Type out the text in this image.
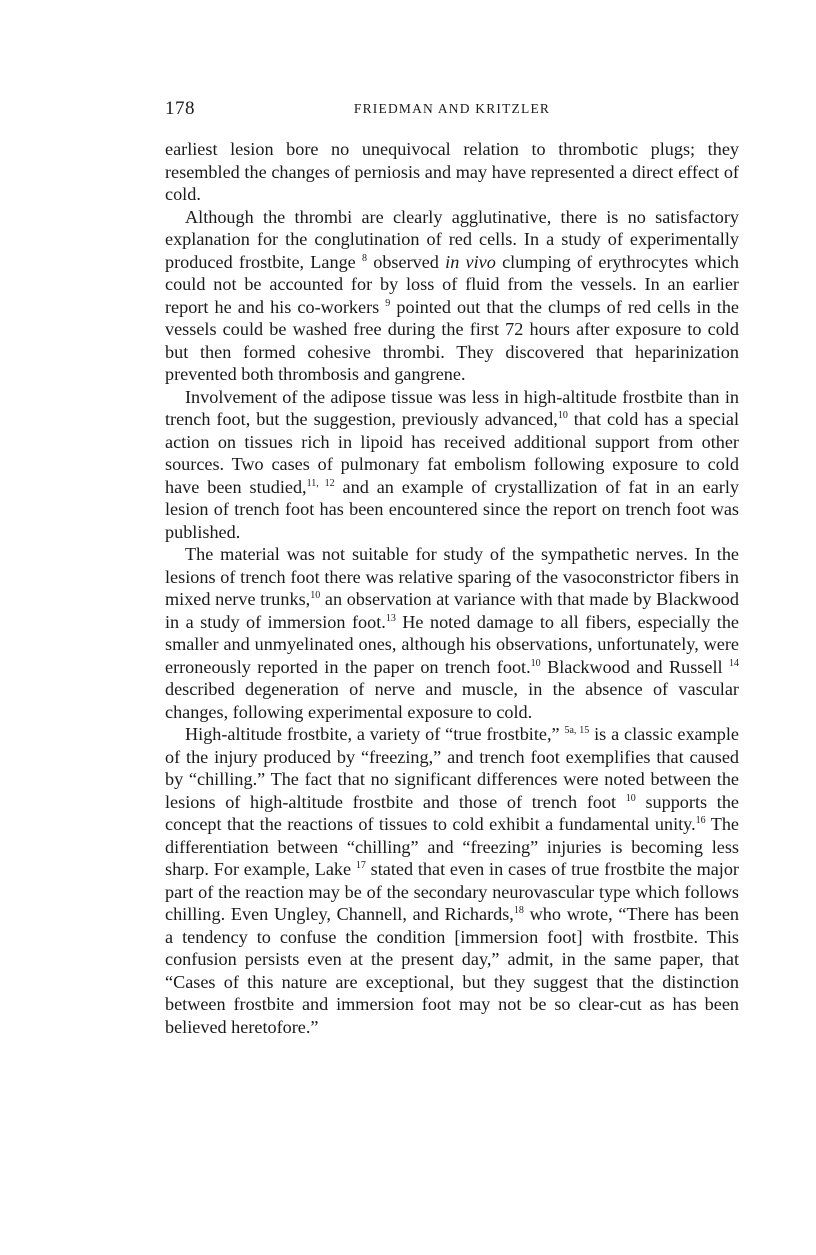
178	FRIEDMAN AND KRITZLER

earliest lesion bore no unequivocal relation to thrombotic plugs; they resembled the changes of perniosis and may have represented a direct effect of cold.

Although the thrombi are clearly agglutinative, there is no satisfactory explanation for the conglutination of red cells. In a study of experimentally produced frostbite, Lange $^8$ observed in vivo clumping of erythrocytes which could not be accounted for by loss of fluid from the vessels. In an earlier report he and his co-workers $^9$ pointed out that the clumps of red cells in the vessels could be washed free during the first 72 hours after exposure to cold but then formed cohesive thrombi. They discovered that heparinization prevented both thrombosis and gangrene.

Involvement of the adipose tissue was less in high-altitude frostbite than in trench foot, but the suggestion, previously advanced,$^{10}$ that cold has a special action on tissues rich in lipoid has received additional support from other sources. Two cases of pulmonary fat embolism following exposure to cold have been studied,$^{11, 12}$ and an example of crystallization of fat in an early lesion of trench foot has been encountered since the report on trench foot was published.

The material was not suitable for study of the sympathetic nerves. In the lesions of trench foot there was relative sparing of the vasoconstrictor fibers in mixed nerve trunks,$^{10}$ an observation at variance with that made by Blackwood in a study of immersion foot.$^{13}$ He noted damage to all fibers, especially the smaller and unmyelinated ones, although his observations, unfortunately, were erroneously reported in the paper on trench foot.$^{10}$ Blackwood and Russell $^{14}$ described degeneration of nerve and muscle, in the absence of vascular changes, following experimental exposure to cold.

High-altitude frostbite, a variety of “true frostbite,” $^{5a, 15}$ is a classic example of the injury produced by “freezing,” and trench foot exemplifies that caused by “chilling.” The fact that no significant differences were noted between the lesions of high-altitude frostbite and those of trench foot $^{10}$ supports the concept that the reactions of tissues to cold exhibit a fundamental unity.$^{16}$ The differentiation between “chilling” and “freezing” injuries is becoming less sharp. For example, Lake $^{17}$ stated that even in cases of true frostbite the major part of the reaction may be of the secondary neurovascular type which follows chilling. Even Ungley, Channell, and Richards,$^{18}$ who wrote, “There has been a tendency to confuse the condition [immersion foot] with frostbite. This confusion persists even at the present day,” admit, in the same paper, that “Cases of this nature are exceptional, but they suggest that the distinction between frostbite and immersion foot may not be so clear-cut as has been believed heretofore.”
